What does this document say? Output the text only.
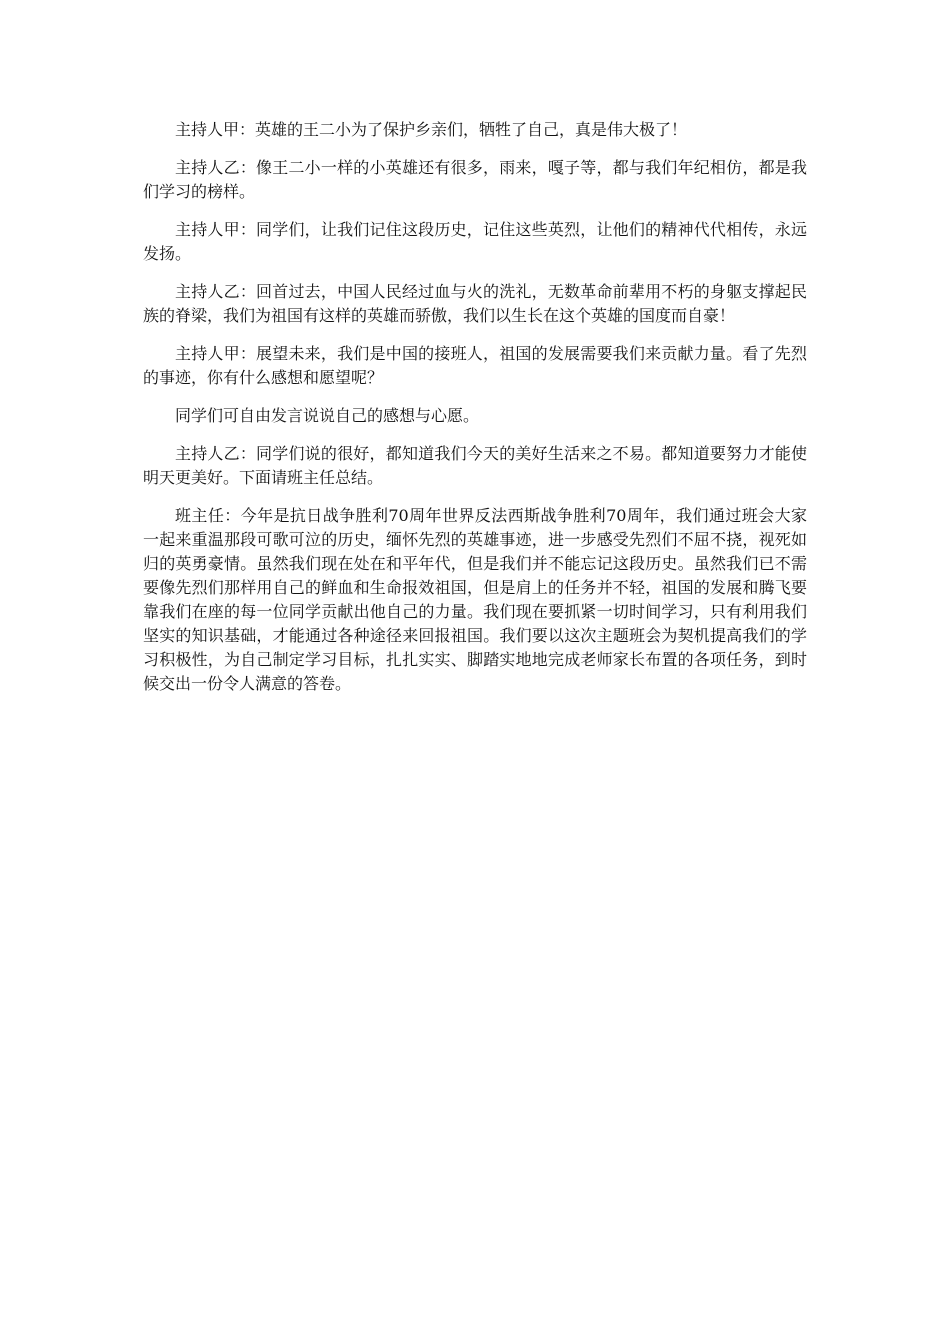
主持人甲：英雄的王二小为了保护乡亲们，牺牲了自己，真是伟大极了！

主持人乙：像王二小一样的小英雄还有很多，雨来，嘎子等，都与我们年纪相仿，都是我们学习的榜样。

主持人甲：同学们，让我们记住这段历史，记住这些英烈，让他们的精神代代相传，永远发扬。

主持人乙：回首过去，中国人民经过血与火的洗礼，无数革命前辈用不朽的身躯支撑起民族的脊梁，我们为祖国有这样的英雄而骄傲，我们以生长在这个英雄的国度而自豪！

主持人甲：展望未来，我们是中国的接班人，祖国的发展需要我们来贡献力量。看了先烈的事迹，你有什么感想和愿望呢？

同学们可自由发言说说自己的感想与心愿。

主持人乙：同学们说的很好，都知道我们今天的美好生活来之不易。都知道要努力才能使明天更美好。下面请班主任总结。

班主任：今年是抗日战争胜利70周年世界反法西斯战争胜利70周年，我们通过班会大家一起来重温那段可歌可泣的历史，缅怀先烈的英雄事迹，进一步感受先烈们不屈不挠，视死如归的英勇豪情。虽然我们现在处在和平年代，但是我们并不能忘记这段历史。虽然我们已不需要像先烈们那样用自己的鲜血和生命报效祖国，但是肩上的任务并不轻，祖国的发展和腾飞要靠我们在座的每一位同学贡献出他自己的力量。我们现在要抓紧一切时间学习，只有利用我们坚实的知识基础，才能通过各种途径来回报祖国。我们要以这次主题班会为契机提高我们的学习积极性，为自己制定学习目标，扎扎实实、脚踏实地地完成老师家长布置的各项任务，到时候交出一份令人满意的答卷。
